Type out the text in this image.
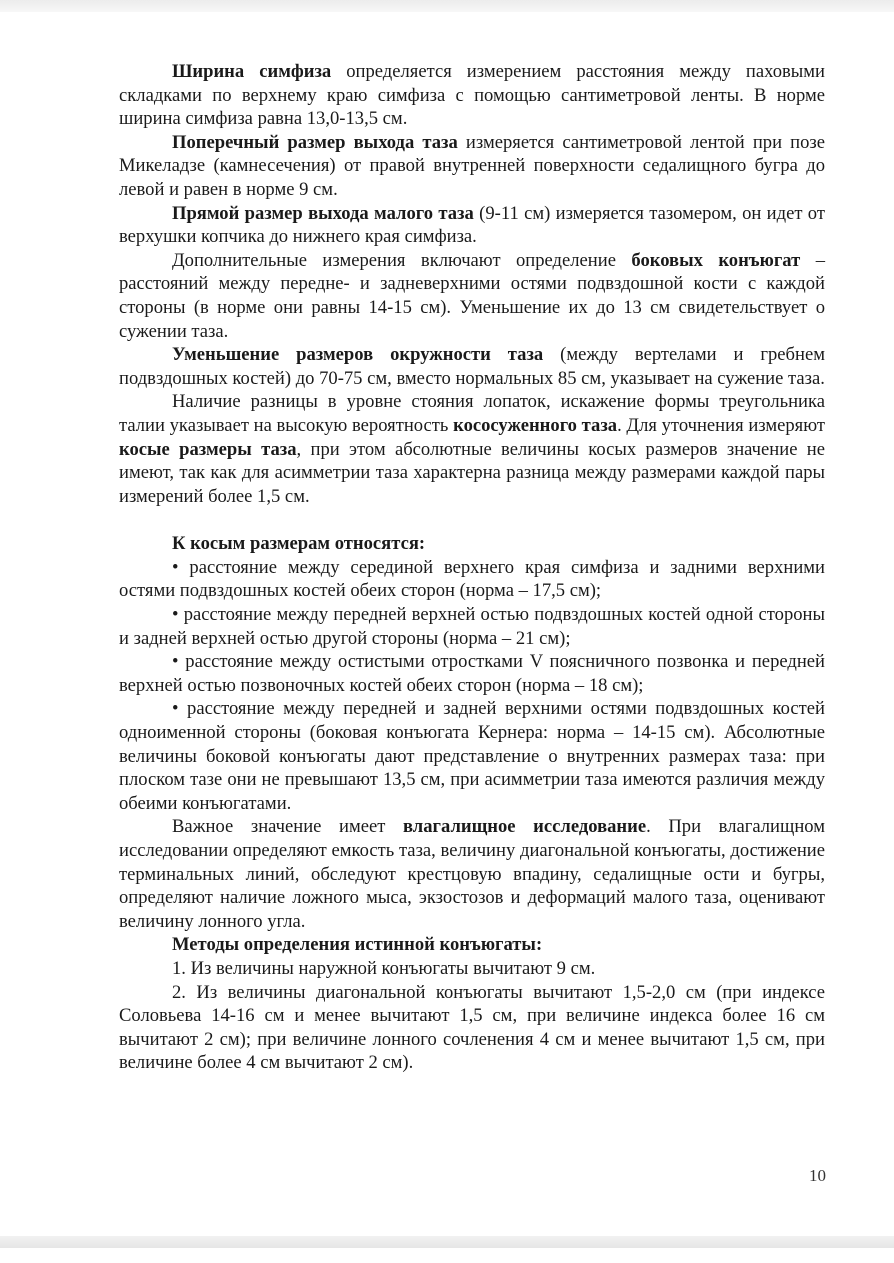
Ширина симфиза определяется измерением расстояния между паховыми складками по верхнему краю симфиза с помощью сантиметровой ленты. В норме ширина симфиза равна 13,0-13,5 см.

Поперечный размер выхода таза измеряется сантиметровой лентой при позе Микеладзе (камнесечения) от правой внутренней поверхности седалищного бугра до левой и равен в норме 9 см.

Прямой размер выхода малого таза (9-11 см) измеряется тазомером, он идет от верхушки копчика до нижнего края симфиза.

Дополнительные измерения включают определение боковых конъюгат – расстояний между передне- и задневерхними остями подвздошной кости с каждой стороны (в норме они равны 14-15 см). Уменьшение их до 13 см свидетельствует о сужении таза.

Уменьшение размеров окружности таза (между вертелами и гребнем подвздошных костей) до 70-75 см, вместо нормальных 85 см, указывает на сужение таза.

Наличие разницы в уровне стояния лопаток, искажение формы треугольника талии указывает на высокую вероятность кососуженного таза. Для уточнения измеряют косые размеры таза, при этом абсолютные величины косых размеров значение не имеют, так как для асимметрии таза характерна разница между размерами каждой пары измерений более 1,5 см.

К косым размерам относятся:

• расстояние между серединой верхнего края симфиза и задними верхними остями подвздошных костей обеих сторон (норма – 17,5 см);

• расстояние между передней верхней остью подвздошных костей одной стороны и задней верхней остью другой стороны (норма – 21 см);

• расстояние между остистыми отростками V поясничного позвонка и передней верхней остью позвоночных костей обеих сторон (норма – 18 см);

• расстояние между передней и задней верхними остями подвздошных костей одноименной стороны (боковая конъюгата Кернера: норма – 14-15 см). Абсолютные величины боковой конъюгаты дают представление о внутренних размерах таза: при плоском тазе они не превышают 13,5 см, при асимметрии таза имеются различия между обеими конъюгатами.

Важное значение имеет влагалищное исследование. При влагалищном исследовании определяют емкость таза, величину диагональной конъюгаты, достижение терминальных линий, обследуют крестцовую впадину, седалищные ости и бугры, определяют наличие ложного мыса, экзостозов и деформаций малого таза, оценивают величину лонного угла.

Методы определения истинной конъюгаты:

1. Из величины наружной конъюгаты вычитают 9 см.

2. Из величины диагональной конъюгаты вычитают 1,5-2,0 см (при индексе Соловьева 14-16 см и менее вычитают 1,5 см, при величине индекса более 16 см вычитают 2 см); при величине лонного сочленения 4 см и менее вычитают 1,5 см, при величине более 4 см вычитают 2 см).

10
